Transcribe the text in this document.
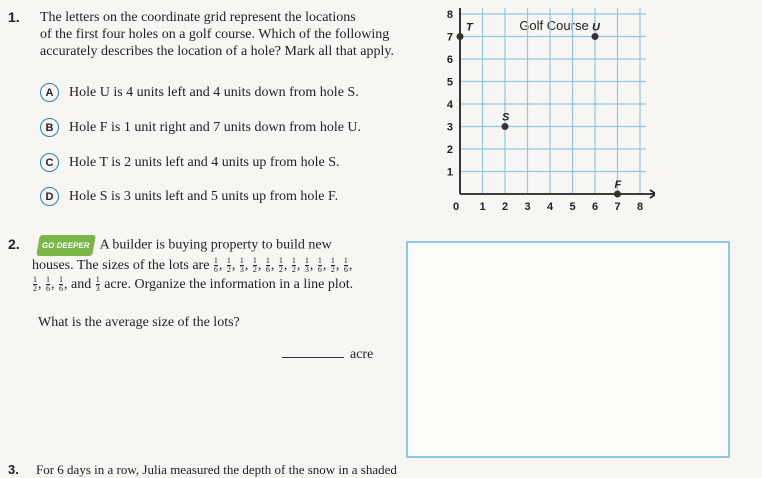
1. The letters on the coordinate grid represent the locations
of the first four holes on a golf course. Which of the following
accurately describes the location of a hole? Mark all that apply.
A	Hole U is 4 units left and 4 units down from hole S.
B	Hole F is 1 unit right and 7 units down from hole U.
C	Hole T is 2 units left and 4 units up from hole S.
D	Hole S is 3 units left and 5 units up from hole F.
Golf Course
0 1 2 3 4 5 6 7 8
1
2
3
4
5
6
7
8
T	U
S
F
2.	GO DEEPER A builder is buying property to build new
houses. The sizes of the lots are $\frac{1}{6}$ , $\frac{1}{2}$ , $\frac{1}{3}$ , $\frac{1}{2}$ , $\frac{1}{6}$ , $\frac{1}{2}$ , $\frac{1}{2}$ , $\frac{1}{3}$ , $\frac{1}{6}$ , $\frac{1}{2}$ , $\frac{1}{6}$ ,
$\frac{1}{2}$ , $\frac{1}{6}$ , $\frac{1}{6}$ , and $\frac{1}{3}$ acre. Organize the information in a line plot.
What is the average size of the lots?
acre
3. For 6 days in a row, Julia measured the depth of the snow in a shaded
